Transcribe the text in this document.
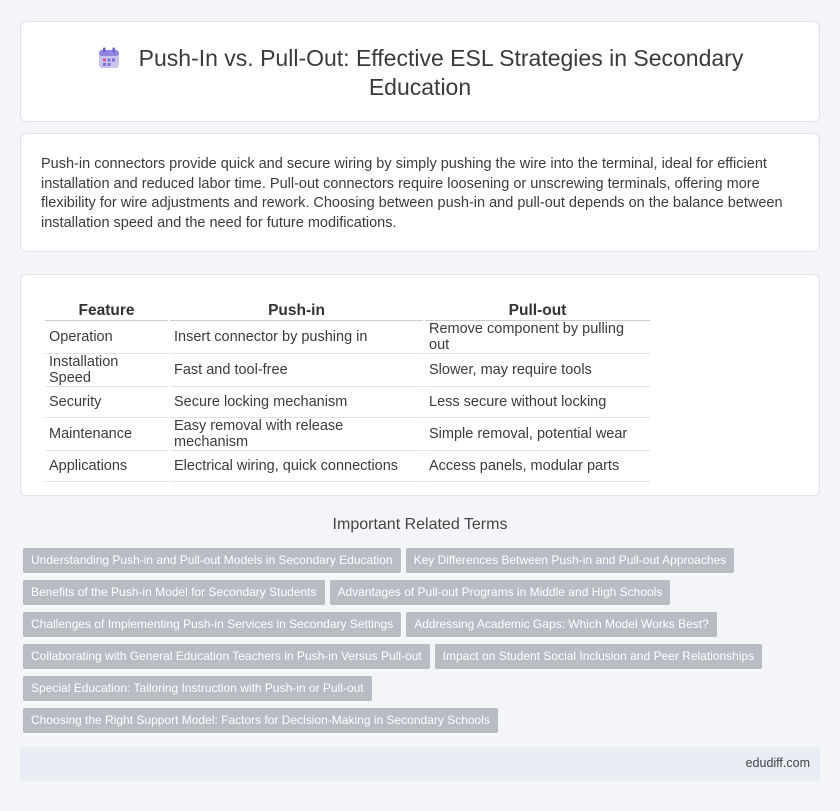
Push-In vs. Pull-Out: Effective ESL Strategies in Secondary Education

Push-in connectors provide quick and secure wiring by simply pushing the wire into the terminal, ideal for efficient installation and reduced labor time. Pull-out connectors require loosening or unscrewing terminals, offering more flexibility for wire adjustments and rework. Choosing between push-in and pull-out depends on the balance between installation speed and the need for future modifications.

Feature	Push-in	Pull-out
Operation	Insert connector by pushing in	Remove component by pulling out
Installation Speed	Fast and tool-free	Slower, may require tools
Security	Secure locking mechanism	Less secure without locking
Maintenance	Easy removal with release mechanism	Simple removal, potential wear
Applications	Electrical wiring, quick connections	Access panels, modular parts
Important Related Terms
Understanding Push-in and Pull-out Models in Secondary Education Key Differences Between Push-in and Pull-out Approaches
Benefits of the Push-in Model for Secondary Students Advantages of Pull-out Programs in Middle and High Schools
Challenges of Implementing Push-in Services in Secondary Settings Addressing Academic Gaps: Which Model Works Best?
Collaborating with General Education Teachers in Push-in Versus Pull-out Impact on Student Social Inclusion and Peer Relationships
Special Education: Tailoring Instruction with Push-in or Pull-out
Choosing the Right Support Model: Factors for Decision-Making in Secondary Schools
edudiff.com
